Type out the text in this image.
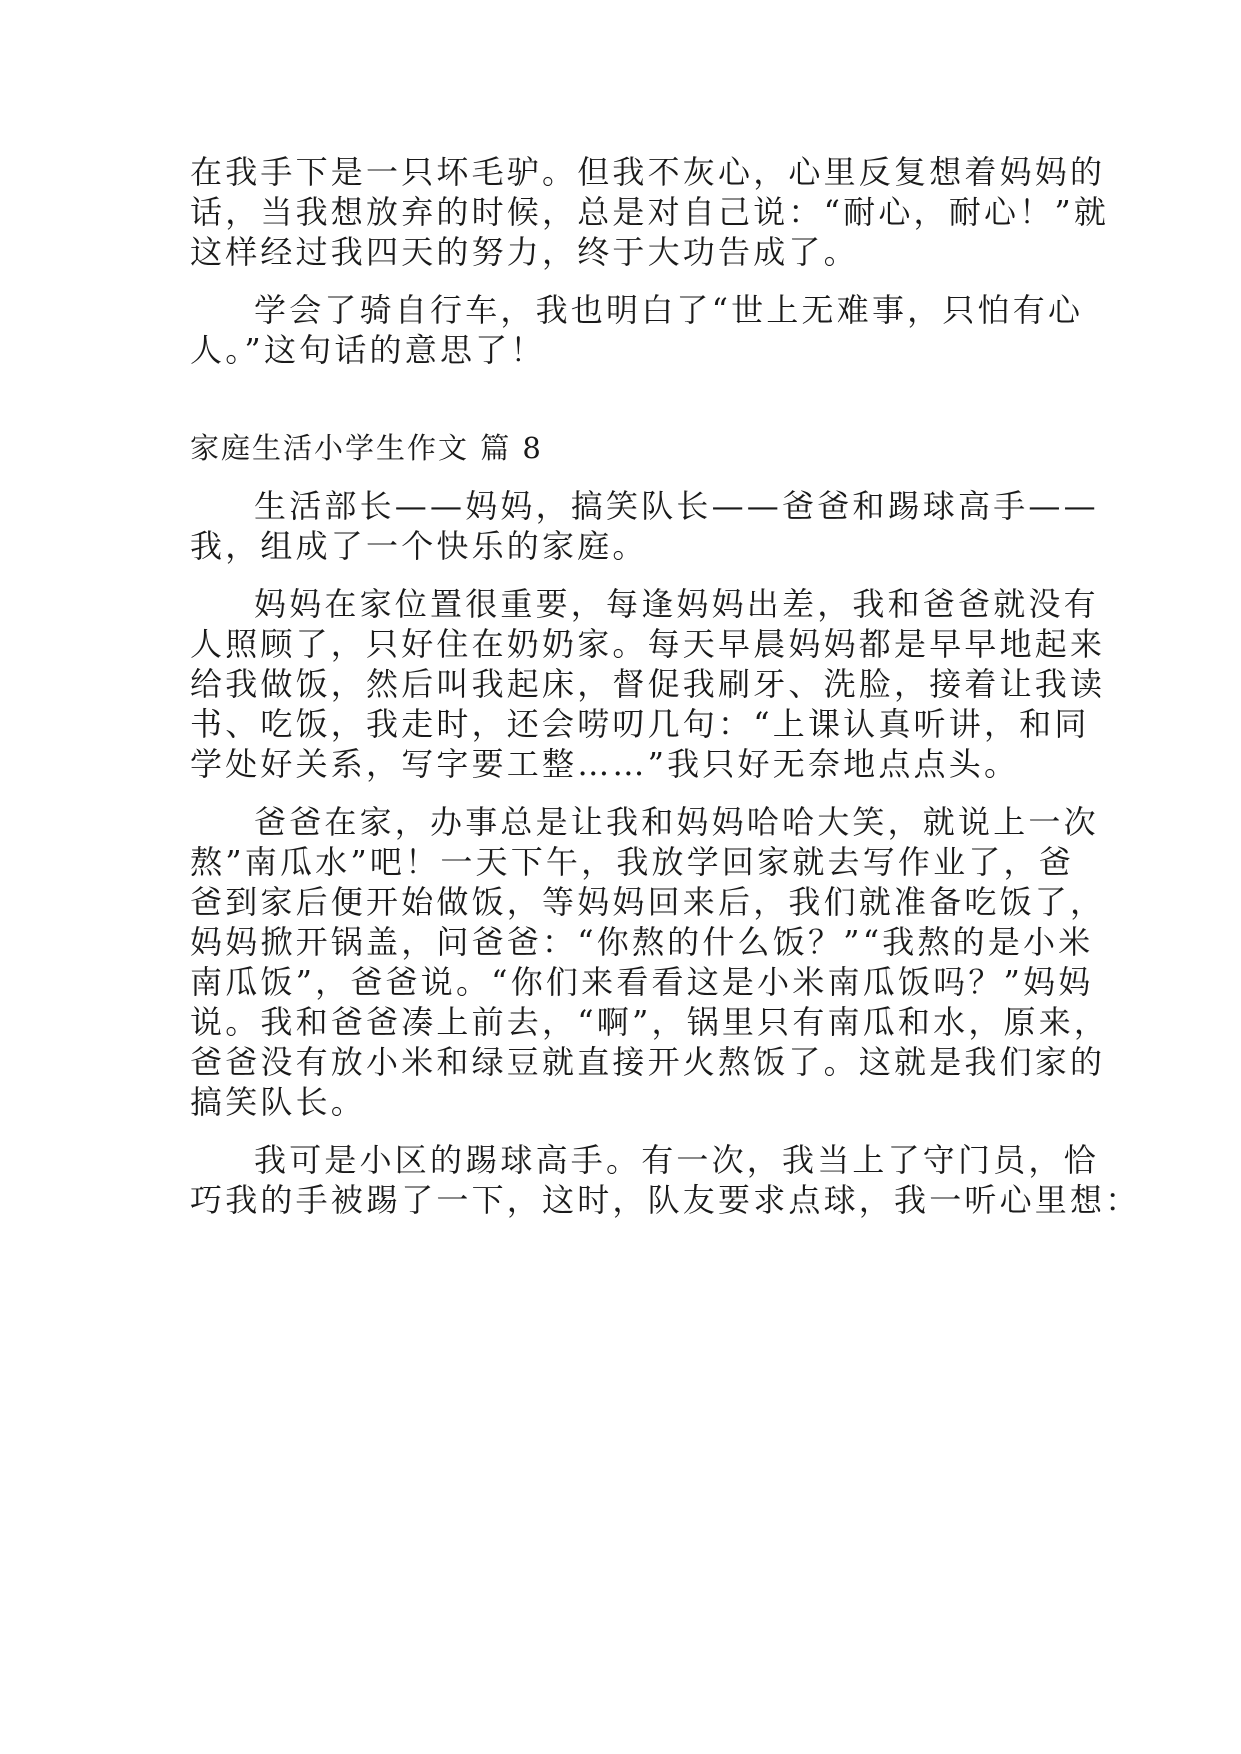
在我手下是一只坏毛驴。但我不灰心，心里反复想着妈妈的
话，当我想放弃的时候，总是对自己说：“耐心，耐心！”就
这样经过我四天的努力，终于大功告成了。
学会了骑自行车，我也明白了“世上无难事，只怕有心
人。”这句话的意思了！
家庭生活小学生作文 篇 8
生活部长——妈妈，搞笑队长——爸爸和踢球高手——
我，组成了一个快乐的家庭。
妈妈在家位置很重要，每逢妈妈出差，我和爸爸就没有
人照顾了，只好住在奶奶家。每天早晨妈妈都是早早地起来
给我做饭，然后叫我起床，督促我刷牙、洗脸，接着让我读
书、吃饭，我走时，还会唠叨几句：“上课认真听讲，和同
学处好关系，写字要工整……”我只好无奈地点点头。
爸爸在家，办事总是让我和妈妈哈哈大笑，就说上一次
熬”南瓜水”吧！一天下午，我放学回家就去写作业了，爸
爸到家后便开始做饭，等妈妈回来后，我们就准备吃饭了，
妈妈掀开锅盖，问爸爸：“你熬的什么饭？”“我熬的是小米
南瓜饭”，爸爸说。“你们来看看这是小米南瓜饭吗？”妈妈
说。我和爸爸凑上前去，“啊”，锅里只有南瓜和水，原来，
爸爸没有放小米和绿豆就直接开火熬饭了。这就是我们家的
搞笑队长。
我可是小区的踢球高手。有一次，我当上了守门员，恰
巧我的手被踢了一下，这时，队友要求点球，我一听心里想：
